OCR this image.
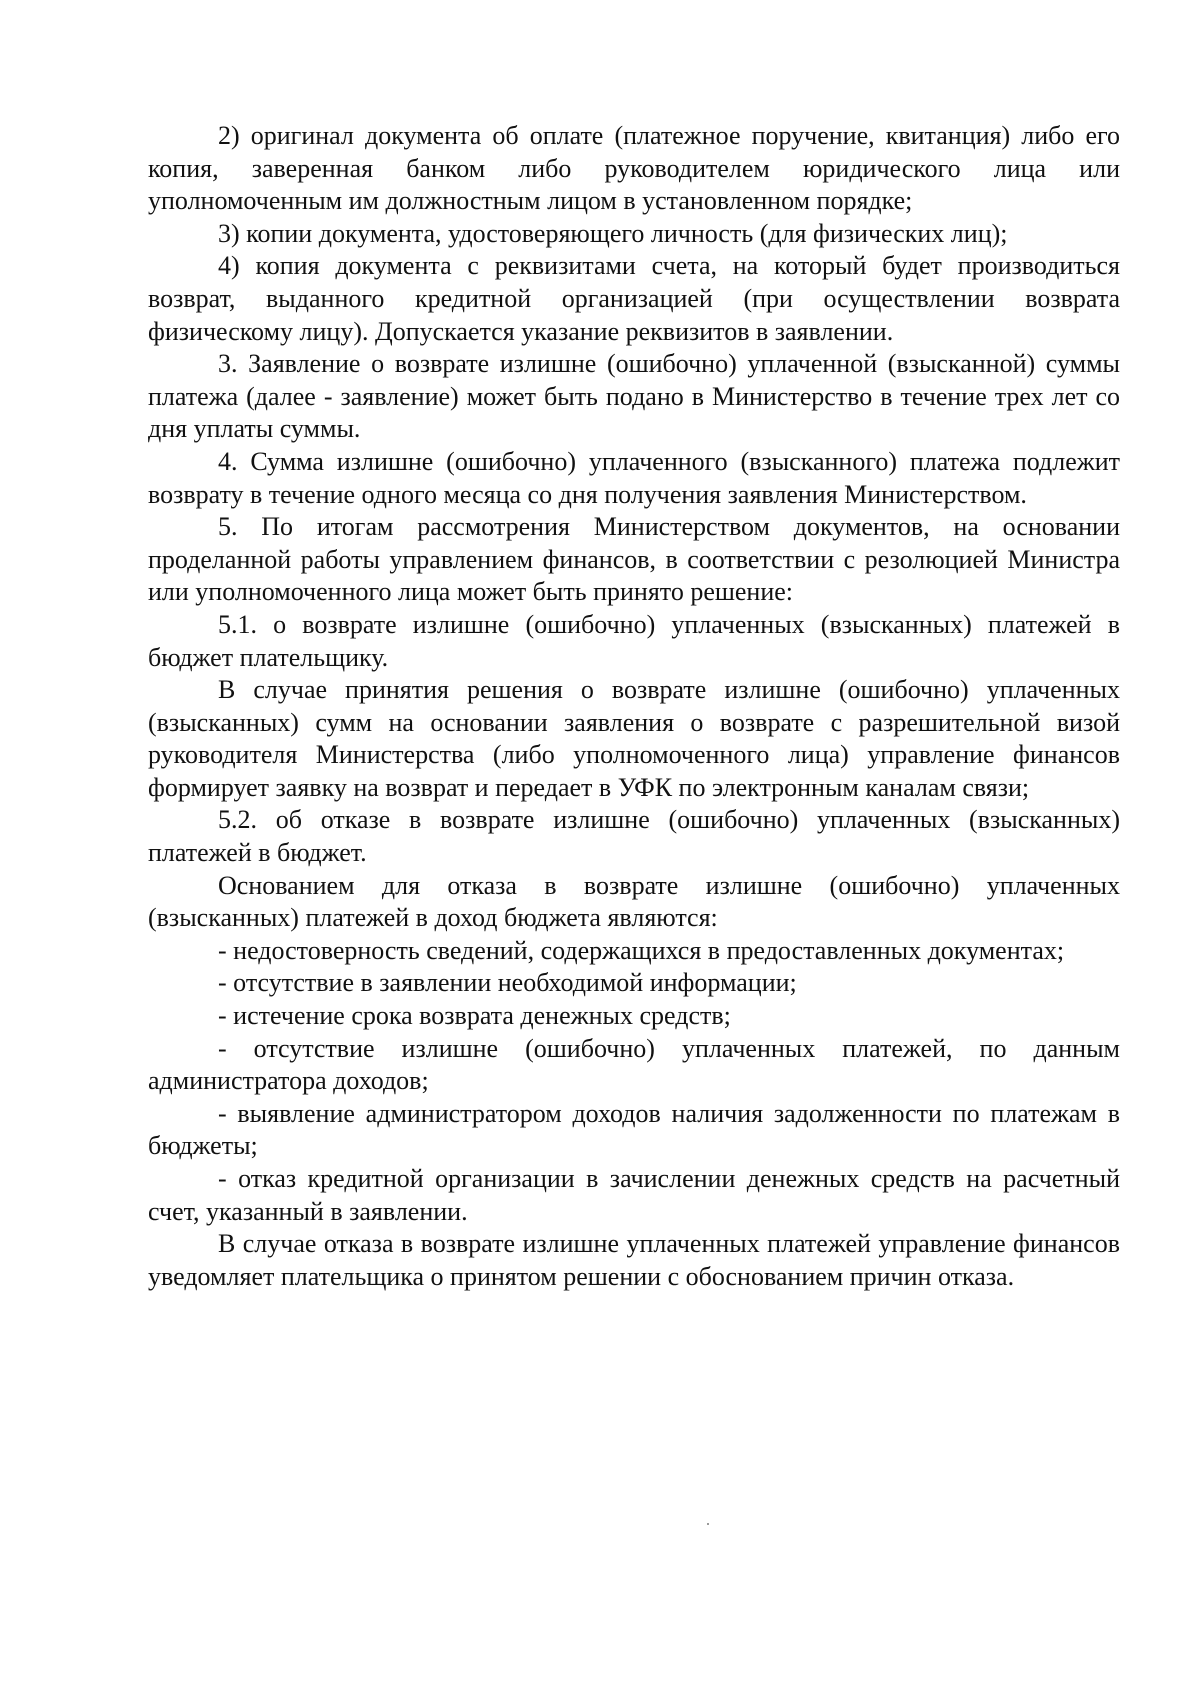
2) оригинал документа об оплате (платежное поручение, квитанция) либо его копия, заверенная банком либо руководителем юридического лица или уполномоченным им должностным лицом в установленном порядке;

3) копии документа, удостоверяющего личность (для физических лиц);

4) копия документа с реквизитами счета, на который будет производиться возврат, выданного кредитной организацией (при осуществлении возврата физическому лицу). Допускается указание реквизитов в заявлении.

3. Заявление о возврате излишне (ошибочно) уплаченной (взысканной) суммы платежа (далее - заявление) может быть подано в Министерство в течение трех лет со дня уплаты суммы.

4. Сумма излишне (ошибочно) уплаченного (взысканного) платежа подлежит возврату в течение одного месяца со дня получения заявления Министерством.

5. По итогам рассмотрения Министерством документов, на основании проделанной работы управлением финансов, в соответствии с резолюцией Министра или уполномоченного лица может быть принято решение:

5.1. о возврате излишне (ошибочно) уплаченных (взысканных) платежей в бюджет плательщику.

В случае принятия решения о возврате излишне (ошибочно) уплаченных (взысканных) сумм на основании заявления о возврате с разрешительной визой руководителя Министерства (либо уполномоченного лица) управление финансов формирует заявку на возврат и передает в УФК по электронным каналам связи;

5.2. об отказе в возврате излишне (ошибочно) уплаченных (взысканных) платежей в бюджет.

Основанием для отказа в возврате излишне (ошибочно) уплаченных (взысканных) платежей в доход бюджета являются:

- недостоверность сведений, содержащихся в предоставленных документах;

- отсутствие в заявлении необходимой информации;

- истечение срока возврата денежных средств;

- отсутствие излишне (ошибочно) уплаченных платежей, по данным администратора доходов;

- выявление администратором доходов наличия задолженности по платежам в бюджеты;

- отказ кредитной организации в зачислении денежных средств на расчетный счет, указанный в заявлении.

В случае отказа в возврате излишне уплаченных платежей управление финансов уведомляет плательщика о принятом решении с обоснованием причин отказа.
